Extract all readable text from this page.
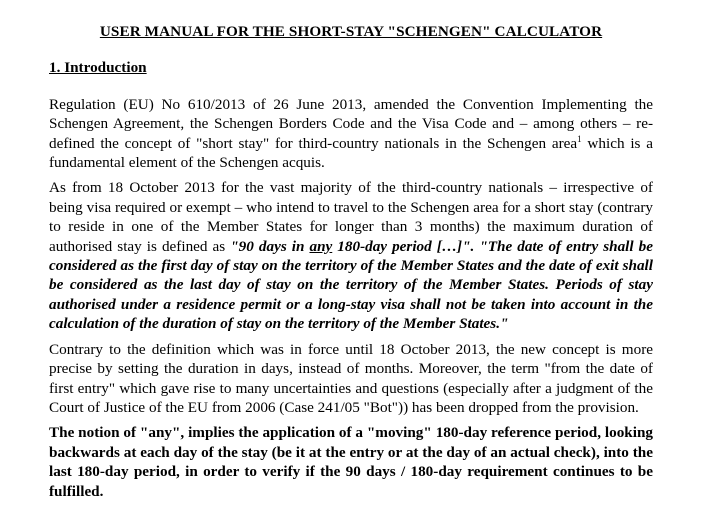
USER MANUAL FOR THE SHORT-STAY "SCHENGEN" CALCULATOR
1. Introduction

Regulation (EU) No 610/2013 of 26 June 2013, amended the Convention Implementing the Schengen Agreement, the Schengen Borders Code and the Visa Code and – among others – re-defined the concept of "short stay" for third-country nationals in the Schengen area$^1$ which is a fundamental element of the Schengen acquis.

As from 18 October 2013 for the vast majority of the third-country nationals – irrespective of being visa required or exempt – who intend to travel to the Schengen area for a short stay (contrary to reside in one of the Member States for longer than 3 months) the maximum duration of authorised stay is defined as "90 days in any 180-day period […]". "The date of entry shall be considered as the first day of stay on the territory of the Member States and the date of exit shall be considered as the last day of stay on the territory of the Member States. Periods of stay authorised under a residence permit or a long-stay visa shall not be taken into account in the calculation of the duration of stay on the territory of the Member States."

Contrary to the definition which was in force until 18 October 2013, the new concept is more precise by setting the duration in days, instead of months. Moreover, the term "from the date of first entry" which gave rise to many uncertainties and questions (especially after a judgment of the Court of Justice of the EU from 2006 (Case 241/05 "Bot")) has been dropped from the provision.

The notion of "any", implies the application of a "moving" 180-day reference period, looking backwards at each day of the stay (be it at the entry or at the day of an actual check), into the last 180-day period, in order to verify if the 90 days / 180-day requirement continues to be fulfilled.
